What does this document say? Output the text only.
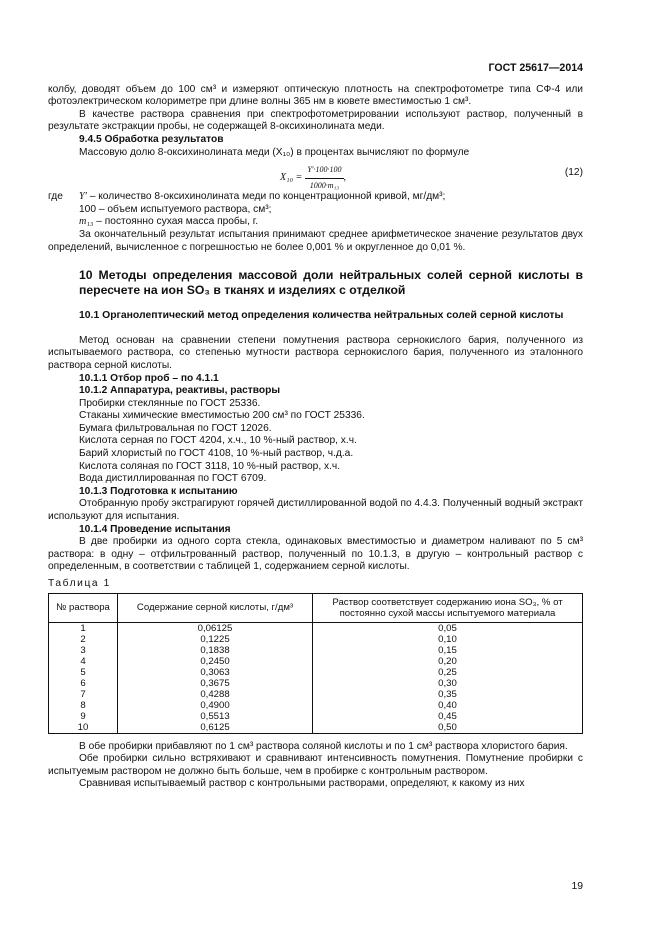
ГОСТ 25617—2014

колбу, доводят объем до 100 см³ и измеряют оптическую плотность на спектрофотометре типа СФ-4 или фотоэлектрическом колориметре при длине волны 365 нм в кювете вместимостью 1 см³.

В качестве раствора сравнения при спектрофотометрировании используют раствор, полученный в результате экстракции пробы, не содержащей 8-оксихинолината меди.

9.4.5 Обработка результатов

Массовую долю 8-оксихинолината меди (X₁₀) в процентах вычисляют по формуле

$X_{10} = \frac{Y'\cdot 100\cdot 100}{\text{1000·m₁₃}}$ ,	(12)
где	Y′ – количество 8-оксихинолината меди по концентрационной кривой, мг/дм³;
100 – объем испытуемого раствора, см³;
m₁₃ – постоянно сухая масса пробы, г.

За окончательный результат испытания принимают среднее арифметическое значение результатов двух определений, вычисленное с погрешностью не более 0,001 % и округленное до 0,01 %.

10 Методы определения массовой доли нейтральных солей серной кислоты в пересчете на ион SO₃ в тканях и изделиях с отделкой
10.1 Органолептический метод определения количества нейтральных солей серной кислоты

Метод основан на сравнении степени помутнения раствора сернокислого бария, полученного из испытываемого раствора, со степенью мутности раствора сернокислого бария, полученного из эталонного раствора серной кислоты.

10.1.1 Отбор проб – по 4.1.1

10.1.2 Аппаратура, реактивы, растворы

Пробирки стеклянные по ГОСТ 25336.

Стаканы химические вместимостью 200 см³ по ГОСТ 25336.

Бумага фильтровальная по ГОСТ 12026.

Кислота серная по ГОСТ 4204, х.ч., 10 %-ный раствор, х.ч.

Барий хлористый по ГОСТ 4108, 10 %-ный раствор, ч.д.а.

Кислота соляная по ГОСТ 3118, 10 %-ный раствор, х.ч.

Вода дистиллированная по ГОСТ 6709.

10.1.3 Подготовка к испытанию

Отобранную пробу экстрагируют горячей дистиллированной водой по 4.4.3. Полученный водный экстракт используют для испытания.

10.1.4 Проведение испытания

В две пробирки из одного сорта стекла, одинаковых вместимостью и диаметром наливают по 5 см³ раствора: в одну – отфильтрованный раствор, полученный по 10.1.3, в другую – контрольный раствор с определенным, в соответствии с таблицей 1, содержанием серной кислоты.

Таблица 1
№ раствора	Содержание серной кислоты, г/дм³	Раствор соответствует содержанию иона SO₃, % от постоянно сухой массы испытуемого материала
1	0,06125	0,05
2	0,1225	0,10
3	0,1838	0,15
4	0,2450	0,20
5	0,3063	0,25
6	0,3675	0,30
7	0,4288	0,35
8	0,4900	0,40
9	0,5513	0,45
10	0,6125	0,50

В обе пробирки прибавляют по 1 см³ раствора соляной кислоты и по 1 см³ раствора хлористого бария.

Обе пробирки сильно встряхивают и сравнивают интенсивность помутнения. Помутнение пробирки с испытуемым раствором не должно быть больше, чем в пробирке с контрольным раствором.

Сравнивая испытываемый раствор с контрольными растворами, определяют, к какому из них

19
